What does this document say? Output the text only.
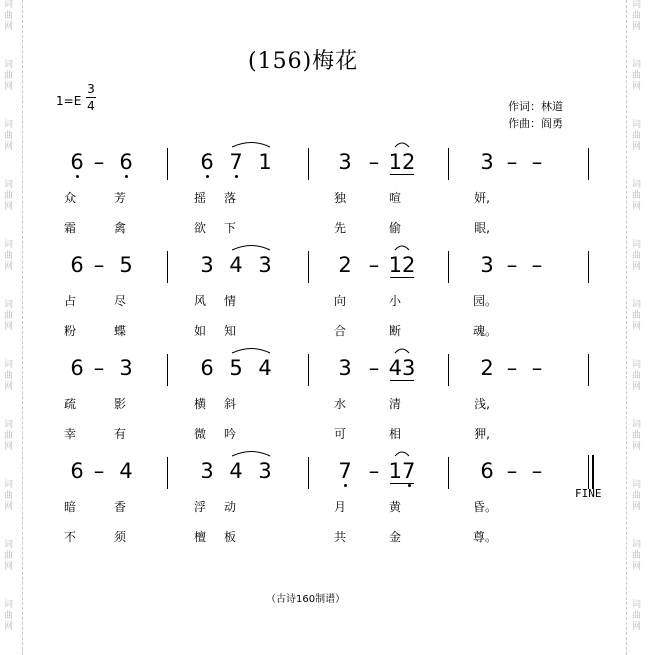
词
曲
网
词
曲
网
词
曲
网
词
曲
网
词
曲
网
词
曲
网
词
曲
网
词
曲
网
词
曲
网
词
曲
网
词
曲
网
词
曲
网
词
曲
网
词
曲
网
词
曲
网
词
曲
网
词
曲
网
词
曲
网
词
曲
网
词
曲
网
词
曲
网
词
曲
网
(156)梅花
1=E
3
4	作词：林道
作曲：阎勇
6 – 6	6 7 1	3 – 12	3 – –
众	芳	摇 落	独	喧	妍,
霜	禽	欲 下	先	偷	眼,
6 – 5	3 4 3	2 – 12	3 – –
占	尽	风 情	向	小	园。
粉	蝶	如 知	合	断	魂。
6 – 3	6 5 4	3 – 43	2 – –
疏	影	横 斜	水	清	浅,
幸	有	微 吟	可	相	狎,
6 – 4	3 4 3	7 – 17	6 – –
暗	香	浮 动	月	黄	昏。
不	须	檀 板	共	金	尊。
FINE
（古诗160制谱）
